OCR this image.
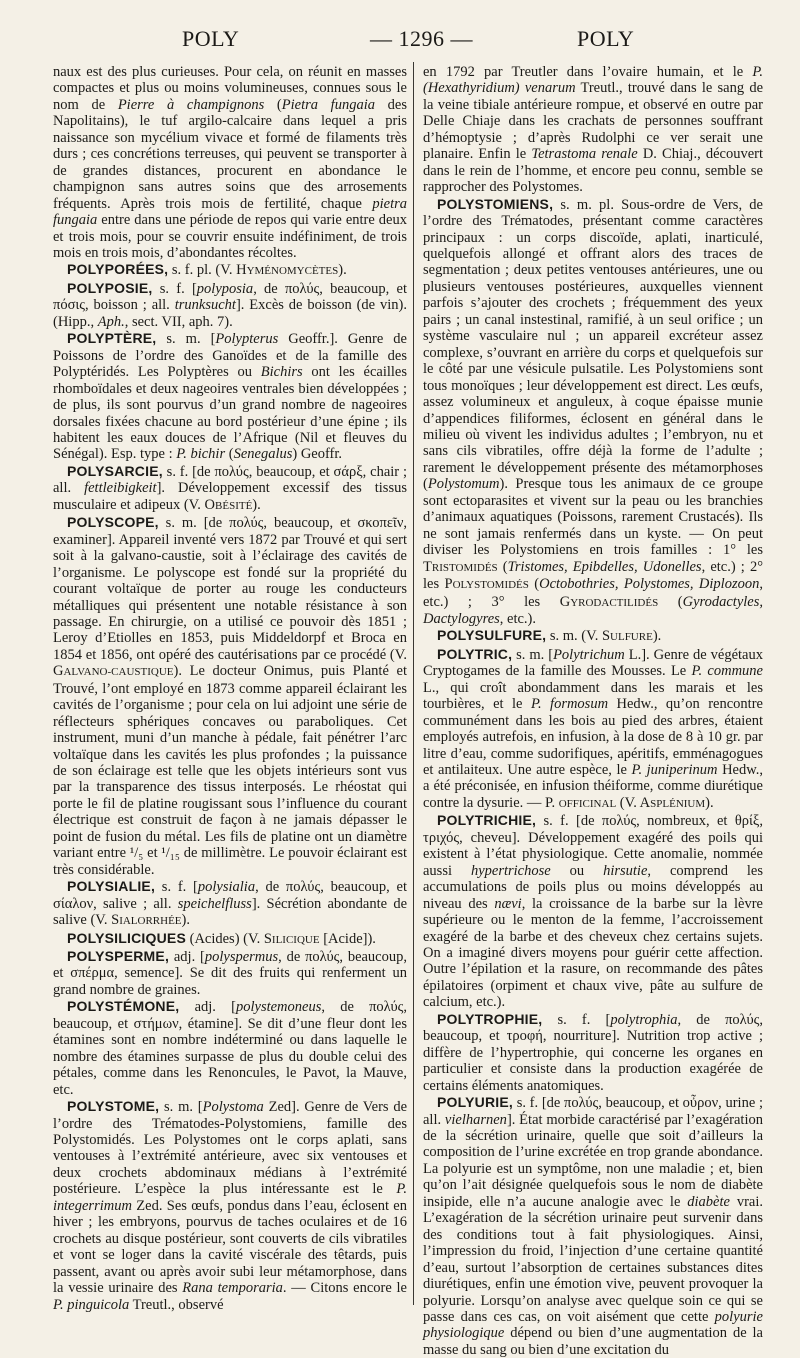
POLY	— 1296 —	POLY

naux est des plus curieuses. Pour cela, on réunit en masses compactes et plus ou moins volumineuses, connues sous le nom de Pierre à champignons (Pietra fungaia des Napolitains), le tuf argilo-calcaire dans lequel a pris naissance son mycélium vivace et formé de filaments très durs ; ces concrétions terreuses, qui peuvent se transporter à de grandes distances, procurent en abondance le champignon sans autres soins que des arrosements fréquents. Après trois mois de fertilité, chaque pietra fungaia entre dans une période de repos qui varie entre deux et trois mois, pour se couvrir ensuite indéfiniment, de trois mois en trois mois, d’abondantes récoltes.

POLYPORÉES, s. f. pl. (V. HYMÉNOMYCÈTES).

POLYPOSIE, s. f. [polyposia, de πολύς, beaucoup, et πόσις, boisson ; all. trunksucht]. Excès de boisson (de vin). (Hipp., Aph., sect. VII, aph. 7).

POLYPTÈRE, s. m. [Polypterus Geoffr.]. Genre de Poissons de l’ordre des Ganoïdes et de la famille des Polyptéridés. Les Polyptères ou Bichirs ont les écailles rhomboïdales et deux nageoires ventrales bien développées ; de plus, ils sont pourvus d’un grand nombre de nageoires dorsales fixées chacune au bord postérieur d’une épine ; ils habitent les eaux douces de l’Afrique (Nil et fleuves du Sénégal). Esp. type : P. bichir (Senegalus) Geoffr.

POLYSARCIE, s. f. [de πολύς, beaucoup, et σάρξ, chair ; all. fettleibigkeit]. Développement excessif des tissus musculaire et adipeux (V. OBÉSITÉ).

POLYSCOPE, s. m. [de πολύς, beaucoup, et σκοπεῖν, examiner]. Appareil inventé vers 1872 par Trouvé et qui sert soit à la galvano-caustie, soit à l’éclairage des cavités de l’organisme. Le polyscope est fondé sur la propriété du courant voltaïque de porter au rouge les conducteurs métalliques qui présentent une notable résistance à son passage. En chirurgie, on a utilisé ce pouvoir dès 1851 ; Leroy d’Etiolles en 1853, puis Middeldorpf et Broca en 1854 et 1856, ont opéré des cautérisations par ce procédé (V. GALVANO-CAUSTIQUE). Le docteur Onimus, puis Planté et Trouvé, l’ont employé en 1873 comme appareil éclairant les cavités de l’organisme ; pour cela on lui adjoint une série de réflecteurs sphériques concaves ou paraboliques. Cet instrument, muni d’un manche à pédale, fait pénétrer l’arc voltaïque dans les cavités les plus profondes ; la puissance de son éclairage est telle que les objets intérieurs sont vus par la transparence des tissus interposés. Le rhéostat qui porte le fil de platine rougissant sous l’influence du courant électrique est construit de façon à ne jamais dépasser le point de fusion du métal. Les fils de platine ont un diamètre variant entre ¹/₅ et ¹/₁₅ de millimètre. Le pouvoir éclairant est très considérable.

POLYSIALIE, s. f. [polysialia, de πολύς, beaucoup, et σίαλον, salive ; all. speichelfluss]. Sécrétion abondante de salive (V. SIALORRHÉE).

POLYSILICIQUES (Acides) (V. SILICIQUE [Acide]).

POLYSPERME, adj. [polyspermus, de πολύς, beaucoup, et σπέρμα, semence]. Se dit des fruits qui renferment un grand nombre de graines.

POLYSTÉMONE, adj. [polystemoneus, de πολύς, beaucoup, et στήμων, étamine]. Se dit d’une fleur dont les étamines sont en nombre indéterminé ou dans laquelle le nombre des étamines surpasse de plus du double celui des pétales, comme dans les Renoncules, le Pavot, la Mauve, etc.

POLYSTOME, s. m. [Polystoma Zed]. Genre de Vers de l’ordre des Trématodes-Polystomiens, famille des Polystomidés. Les Polystomes ont le corps aplati, sans ventouses à l’extrémité antérieure, avec six ventouses et deux crochets abdominaux médians à l’extrémité postérieure. L’espèce la plus intéressante est le P. integerrimum Zed. Ses œufs, pondus dans l’eau, éclosent en hiver ; les embryons, pourvus de taches oculaires et de 16 crochets au disque postérieur, sont couverts de cils vibratiles et vont se loger dans la cavité viscérale des têtards, puis passent, avant ou après avoir subi leur métamorphose, dans la vessie urinaire des Rana temporaria. — Citons encore le P. pinguicola Treutl., observé

en 1792 par Treutler dans l’ovaire humain, et le P. (Hexathyridium) venarum Treutl., trouvé dans le sang de la veine tibiale antérieure rompue, et observé en outre par Delle Chiaje dans les crachats de personnes souffrant d’hémoptysie ; d’après Rudolphi ce ver serait une planaire. Enfin le Tetrastoma renale D. Chiaj., découvert dans le rein de l’homme, et encore peu connu, semble se rapprocher des Polystomes.

POLYSTOMIENS, s. m. pl. Sous-ordre de Vers, de l’ordre des Trématodes, présentant comme caractères principaux : un corps discoïde, aplati, inarticulé, quelquefois allongé et offrant alors des traces de segmentation ; deux petites ventouses antérieures, une ou plusieurs ventouses postérieures, auxquelles viennent parfois s’ajouter des crochets ; fréquemment des yeux pairs ; un canal instestinal, ramifié, à un seul orifice ; un système vasculaire nul ; un appareil excréteur assez complexe, s’ouvrant en arrière du corps et quelquefois sur le côté par une vésicule pulsatile. Les Polystomiens sont tous monoïques ; leur développement est direct. Les œufs, assez volumineux et anguleux, à coque épaisse munie d’appendices filiformes, éclosent en général dans le milieu où vivent les individus adultes ; l’embryon, nu et sans cils vibratiles, offre déjà la forme de l’adulte ; rarement le développement présente des métamorphoses (Polystomum). Presque tous les animaux de ce groupe sont ectoparasites et vivent sur la peau ou les branchies d’animaux aquatiques (Poissons, rarement Crustacés). Ils ne sont jamais renfermés dans un kyste. — On peut diviser les Polystomiens en trois familles : 1° les TRISTOMIDÉS (Tristomes, Epibdelles, Udonelles, etc.) ; 2° les POLYSTOMIDÉS (Octobothries, Polystomes, Diplozoon, etc.) ; 3° les GYRODACTILIDÉS (Gyrodactyles, Dactylogyres, etc.).

POLYSULFURE, s. m. (V. SULFURE).

POLYTRIC, s. m. [Polytrichum L.]. Genre de végétaux Cryptogames de la famille des Mousses. Le P. commune L., qui croît abondamment dans les marais et les tourbières, et le P. formosum Hedw., qu’on rencontre communément dans les bois au pied des arbres, étaient employés autrefois, en infusion, à la dose de 8 à 10 gr. par litre d’eau, comme sudorifiques, apéritifs, emménagogues et antilaiteux. Une autre espèce, le P. juniperinum Hedw., a été préconisée, en infusion théiforme, comme diurétique contre la dysurie. — P. OFFICINAL (V. ASPLÉNIUM).

POLYTRICHIE, s. f. [de πολύς, nombreux, et θρίξ, τριχός, cheveu]. Développement exagéré des poils qui existent à l’état physiologique. Cette anomalie, nommée aussi hypertrichose ou hirsutie, comprend les accumulations de poils plus ou moins développés au niveau des nævi, la croissance de la barbe sur la lèvre supérieure ou le menton de la femme, l’accroissement exagéré de la barbe et des cheveux chez certains sujets. On a imaginé divers moyens pour guérir cette affection. Outre l’épilation et la rasure, on recommande des pâtes épilatoires (orpiment et chaux vive, pâte au sulfure de calcium, etc.).

POLYTROPHIE, s. f. [polytrophia, de πολύς, beaucoup, et τροφή, nourriture]. Nutrition trop active ; diffère de l’hypertrophie, qui concerne les organes en particulier et consiste dans la production exagérée de certains éléments anatomiques.

POLYURIE, s. f. [de πολύς, beaucoup, et οὖρον, urine ; all. vielharnen]. État morbide caractérisé par l’exagération de la sécrétion urinaire, quelle que soit d’ailleurs la composition de l’urine excrétée en trop grande abondance. La polyurie est un symptôme, non une maladie ; et, bien qu’on l’ait désignée quelquefois sous le nom de diabète insipide, elle n’a aucune analogie avec le diabète vrai. L’exagération de la sécrétion urinaire peut survenir dans des conditions tout à fait physiologiques. Ainsi, l’impression du froid, l’injection d’une certaine quantité d’eau, surtout l’absorption de certaines substances dites diurétiques, enfin une émotion vive, peuvent provoquer la polyurie. Lorsqu’on analyse avec quelque soin ce qui se passe dans ces cas, on voit aisément que cette polyurie physiologique dépend ou bien d’une augmentation de la masse du sang ou bien d’une excitation du
